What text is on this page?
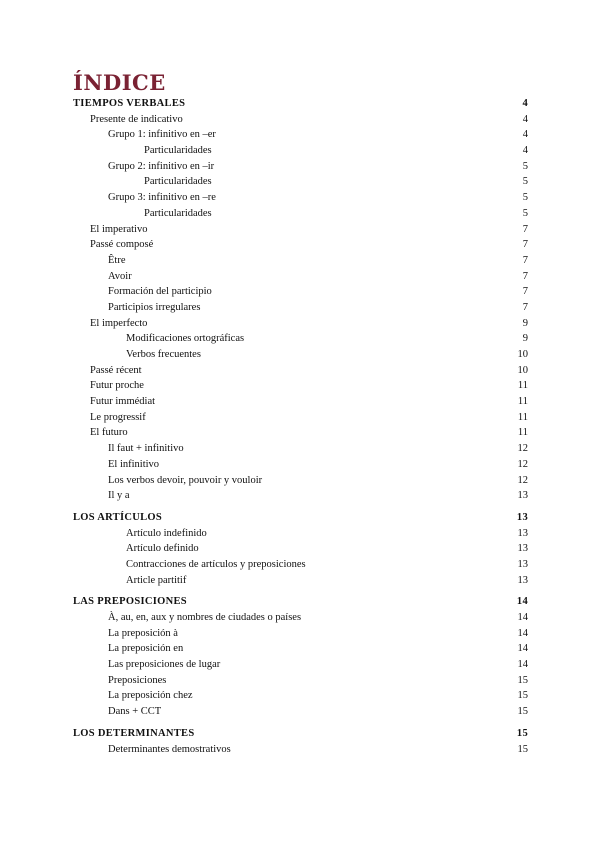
ÍNDICE
TIEMPOS VERBALES	4
Presente de indicativo	4
Grupo 1: infinitivo en –er	4
Particularidades	4
Grupo 2: infinitivo en –ir	5
Particularidades	5
Grupo 3: infinitivo en –re	5
Particularidades	5
El imperativo	7
Passé composé	7
Être	7
Avoir	7
Formación del participio	7
Participios irregulares	7
El imperfecto	9
Modificaciones ortográficas	9
Verbos frecuentes	10
Passé récent	10
Futur proche	11
Futur immédiat	11
Le progressif	11
El futuro	11
Il faut + infinitivo	12
El infinitivo	12
Los verbos devoir, pouvoir y vouloir	12
Il y a	13
LOS ARTÍCULOS	13
Artículo indefinido	13
Artículo definido	13
Contracciones de artículos y preposiciones	13
Article partitif	13
LAS PREPOSICIONES	14
À, au, en, aux y nombres de ciudades o países	14
La preposición à	14
La preposición en	14
Las preposiciones de lugar	14
Preposiciones	15
La preposición chez	15
Dans + CCT	15
LOS DETERMINANTES	15
Determinantes demostrativos	15
